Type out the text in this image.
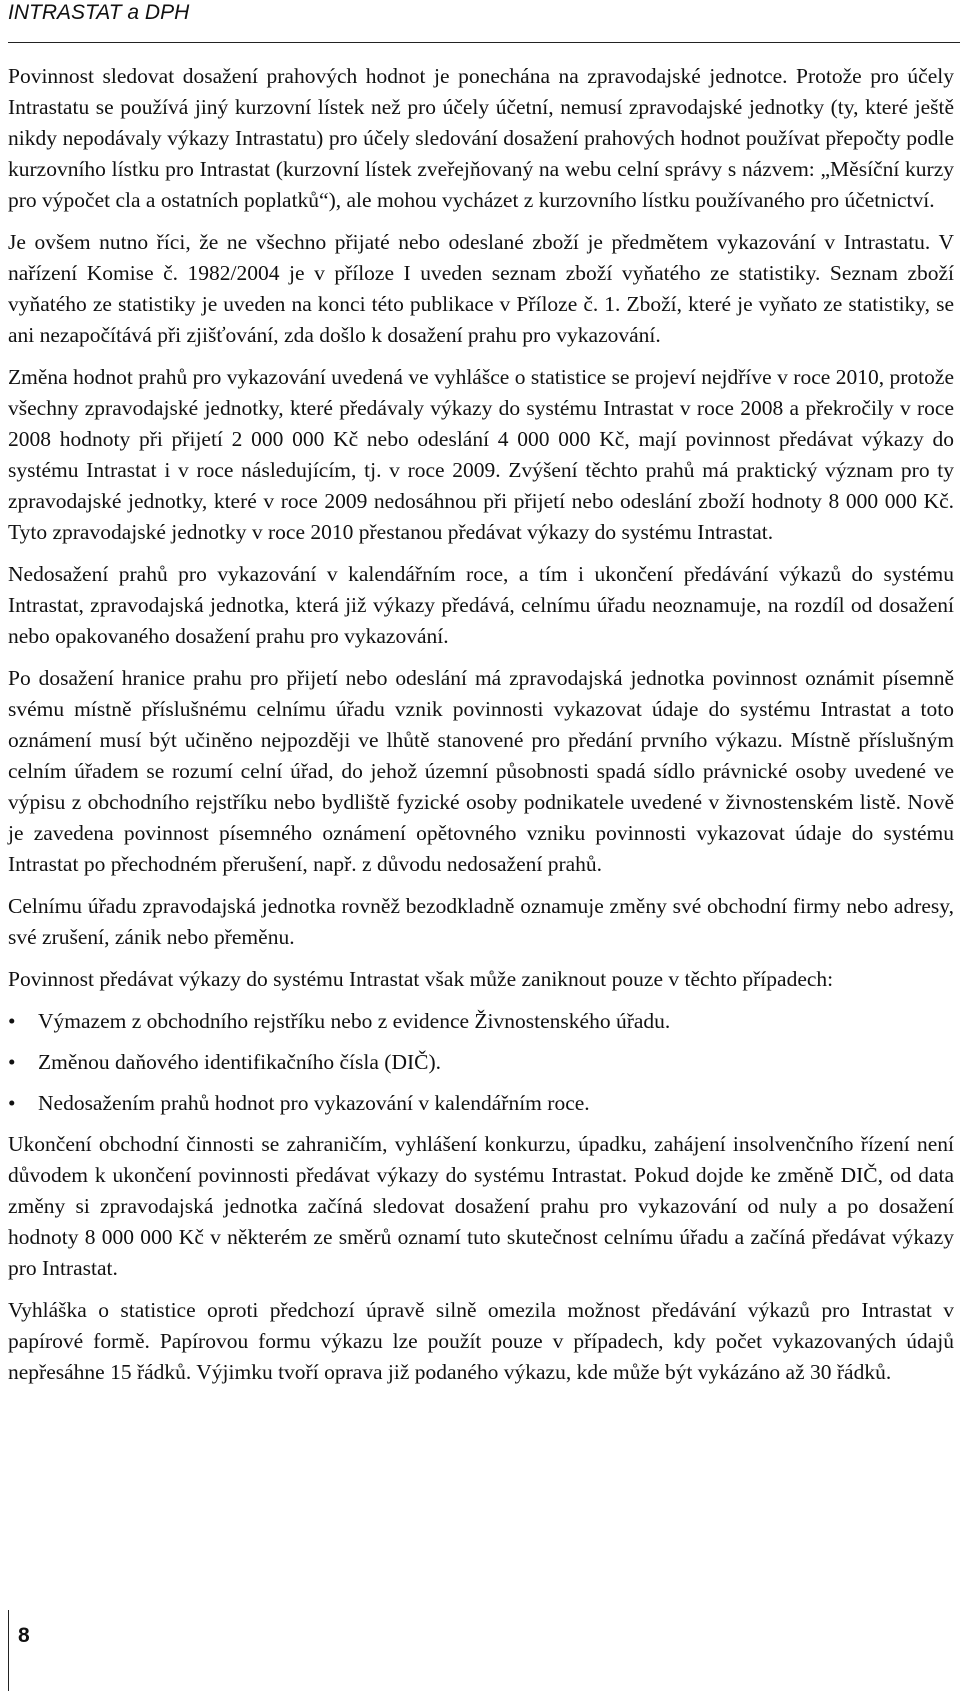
INTRASTAT a DPH

Povinnost sledovat dosažení prahových hodnot je ponechána na zpravodajské jednotce. Protože pro účely Intrastatu se používá jiný kurzovní lístek než pro účely účetní, nemusí zpravodajské jednotky (ty, které ještě nikdy nepodávaly výkazy Intrastatu) pro účely sledování dosažení prahových hodnot používat přepočty podle kurzovního lístku pro Intrastat (kurzovní lístek zveřejňovaný na webu celní správy s názvem: „Měsíční kurzy pro výpočet cla a ostatních poplatků“), ale mohou vycházet z kurzovního lístku používaného pro účetnictví.

Je ovšem nutno říci, že ne všechno přijaté nebo odeslané zboží je předmětem vykazování v Intrastatu. V nařízení Komise č. 1982/2004 je v příloze I uveden seznam zboží vyňatého ze statistiky. Seznam zboží vyňatého ze statistiky je uveden na konci této publikace v Příloze č. 1. Zboží, které je vyňato ze statistiky, se ani nezapočítává při zjišťování, zda došlo k dosažení prahu pro vykazování.

Změna hodnot prahů pro vykazování uvedená ve vyhlášce o statistice se projeví nejdříve v roce 2010, protože všechny zpravodajské jednotky, které předávaly výkazy do systému Intrastat v roce 2008 a překročily v roce 2008 hodnoty při přijetí 2 000 000 Kč nebo odeslání 4 000 000 Kč, mají povinnost předávat výkazy do systému Intrastat i v roce následujícím, tj. v roce 2009. Zvýšení těchto prahů má praktický význam pro ty zpravodajské jednotky, které v roce 2009 nedosáhnou při přijetí nebo odeslání zboží hodnoty 8 000 000 Kč. Tyto zpravodajské jednotky v roce 2010 přestanou předávat výkazy do systému Intrastat.

Nedosažení prahů pro vykazování v kalendářním roce, a tím i ukončení předávání výkazů do systému Intrastat, zpravodajská jednotka, která již výkazy předává, celnímu úřadu neoznamuje, na rozdíl od dosažení nebo opakovaného dosažení prahu pro vykazování.

Po dosažení hranice prahu pro přijetí nebo odeslání má zpravodajská jednotka povinnost oznámit písemně svému místně příslušnému celnímu úřadu vznik povinnosti vykazovat údaje do systému Intrastat a toto oznámení musí být učiněno nejpozději ve lhůtě stanovené pro předání prvního výkazu. Místně příslušným celním úřadem se rozumí celní úřad, do jehož územní působnosti spadá sídlo právnické osoby uvedené ve výpisu z obchodního rejstříku nebo bydliště fyzické osoby podnikatele uvedené v živnostenském listě. Nově je zavedena povinnost písemného oznámení opětovného vzniku povinnosti vykazovat údaje do systému Intrastat po přechodném přerušení, např. z důvodu nedosažení prahů.

Celnímu úřadu zpravodajská jednotka rovněž bezodkladně oznamuje změny své obchodní firmy nebo adresy, své zrušení, zánik nebo přeměnu.

Povinnost předávat výkazy do systému Intrastat však může zaniknout pouze v těchto případech:

• Výmazem z obchodního rejstříku nebo z evidence Živnostenského úřadu.
• Změnou daňového identifikačního čísla (DIČ).
• Nedosažením prahů hodnot pro vykazování v kalendářním roce.

Ukončení obchodní činnosti se zahraničím, vyhlášení konkurzu, úpadku, zahájení insolvenčního řízení není důvodem k ukončení povinnosti předávat výkazy do systému Intrastat. Pokud dojde ke změně DIČ, od data změny si zpravodajská jednotka začíná sledovat dosažení prahu pro vykazování od nuly a po dosažení hodnoty 8 000 000 Kč v některém ze směrů oznamí tuto skutečnost celnímu úřadu a začíná předávat výkazy pro Intrastat.

Vyhláška o statistice oproti předchozí úpravě silně omezila možnost předávání výkazů pro Intrastat v papírové formě. Papírovou formu výkazu lze použít pouze v případech, kdy počet vykazovaných údajů nepřesáhne 15 řádků. Výjimku tvoří oprava již podaného výkazu, kde může být vykázáno až 30 řádků.

8
